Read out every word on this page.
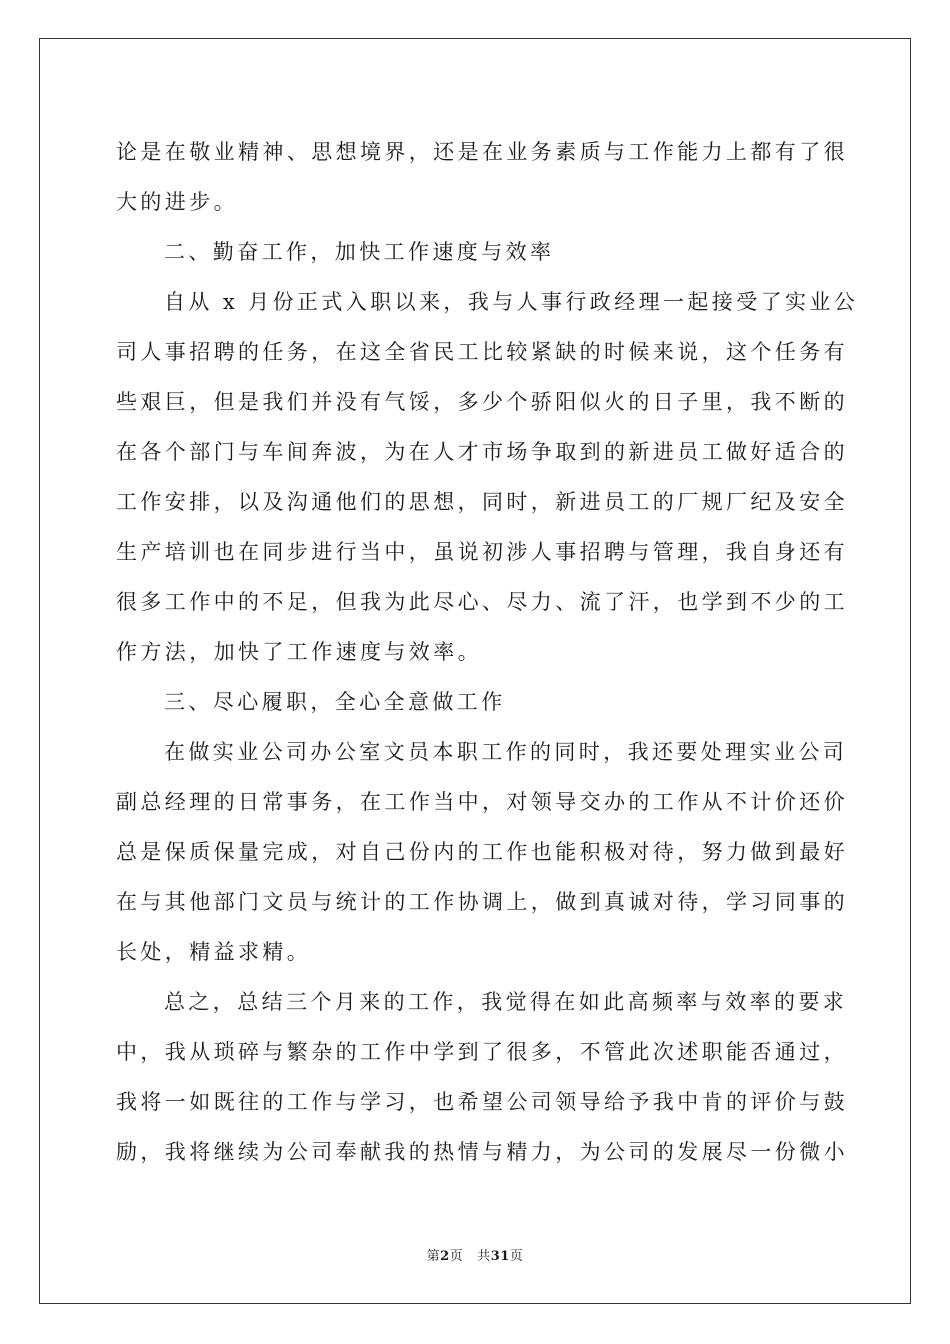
论是在敬业精神、思想境界，还是在业务素质与工作能力上都有了很
大的进步。
二、勤奋工作，加快工作速度与效率
自从 x 月份正式入职以来，我与人事行政经理一起接受了实业公
司人事招聘的任务，在这全省民工比较紧缺的时候来说，这个任务有
些艰巨，但是我们并没有气馁，多少个骄阳似火的日子里，我不断的
在各个部门与车间奔波，为在人才市场争取到的新进员工做好适合的
工作安排，以及沟通他们的思想，同时，新进员工的厂规厂纪及安全
生产培训也在同步进行当中，虽说初涉人事招聘与管理，我自身还有
很多工作中的不足，但我为此尽心、尽力、流了汗，也学到不少的工
作方法，加快了工作速度与效率。
三、尽心履职，全心全意做工作
在做实业公司办公室文员本职工作的同时，我还要处理实业公司
副总经理的日常事务，在工作当中，对领导交办的工作从不计价还价
总是保质保量完成，对自己份内的工作也能积极对待，努力做到最好
在与其他部门文员与统计的工作协调上，做到真诚对待，学习同事的
长处，精益求精。
总之，总结三个月来的工作，我觉得在如此高频率与效率的要求
中，我从琐碎与繁杂的工作中学到了很多，不管此次述职能否通过，
我将一如既往的工作与学习，也希望公司领导给予我中肯的评价与鼓
励，我将继续为公司奉献我的热情与精力，为公司的发展尽一份微小
第2页 共31页
